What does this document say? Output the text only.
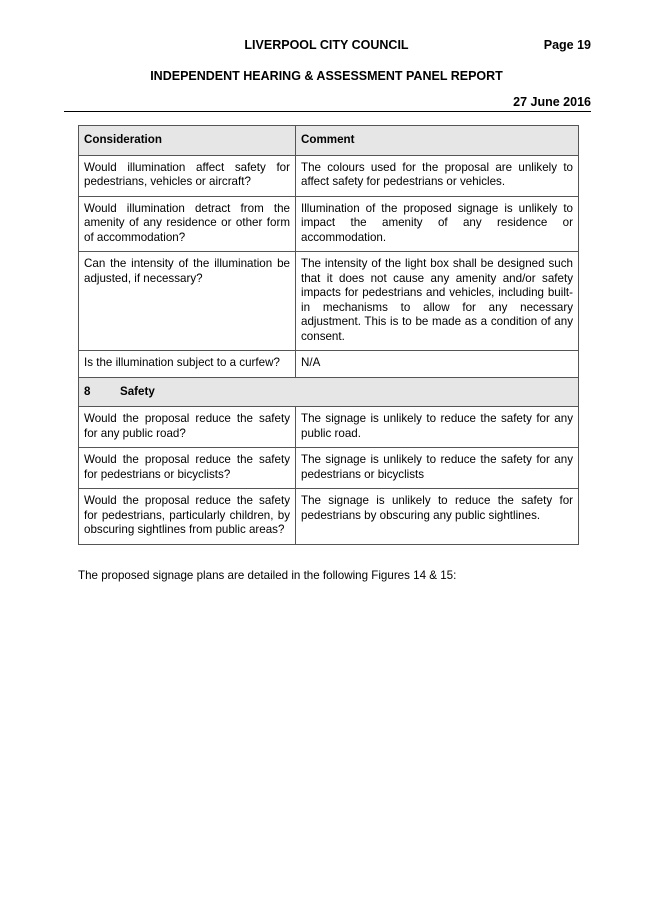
LIVERPOOL CITY COUNCIL	Page 19
INDEPENDENT HEARING & ASSESSMENT PANEL REPORT
27 June 2016
Consideration	Comment
Would illumination affect safety for pedestrians, vehicles or aircraft?	The colours used for the proposal are unlikely to affect safety for pedestrians or vehicles.
Would illumination detract from the amenity of any residence or other form of accommodation?	Illumination of the proposed signage is unlikely to impact the amenity of any residence or accommodation.
Can the intensity of the illumination be adjusted, if necessary?	The intensity of the light box shall be designed such that it does not cause any amenity and/or safety impacts for pedestrians and vehicles, including built-in mechanisms to allow for any necessary adjustment. This is to be made as a condition of any consent.
Is the illumination subject to a curfew?	N/A
8 Safety	
Would the proposal reduce the safety for any public road?	The signage is unlikely to reduce the safety for any public road.
Would the proposal reduce the safety for pedestrians or bicyclists?	The signage is unlikely to reduce the safety for any pedestrians or bicyclists
Would the proposal reduce the safety for pedestrians, particularly children, by obscuring sightlines from public areas?	The signage is unlikely to reduce the safety for pedestrians by obscuring any public sightlines.
The proposed signage plans are detailed in the following Figures 14 & 15:
